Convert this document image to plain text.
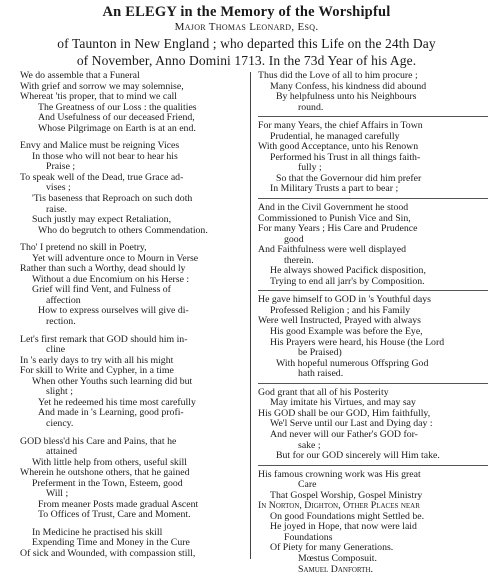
An ELEGY in the Memory of the Worshipful
Major Thomas Leonard, Esq.
of Taunton in New England ; who departed this Life on the 24th Day
of November, Anno Domini 1713. In the 73d Year of his Age.
We do assemble that a Funeral
With grief and sorrow we may solemnise,
Whereat 'tis proper, that to mind we call
The Greatness of our Loss : the qualities
And Usefulness of our deceased Friend,
Whose Pilgrimage on Earth is at an end.
Envy and Malice must be reigning Vices
In those who will not bear to hear his
Praise ;
To speak well of the Dead, true Grace ad-
vises ;
'Tis baseness that Reproach on such doth
raise.
Such justly may expect Retaliation,
Who do begrutch to others Commendation.
Tho' I pretend no skill in Poetry,
Yet will adventure once to Mourn in Verse
Rather than such a Worthy, dead should ly
Without a due Encomium on his Herse :
Grief will find Vent, and Fulness of
affection
How to express ourselves will give di-
rection.
Let's first remark that GOD should him in-
cline
In 's early days to try with all his might
For skill to Write and Cypher, in a time
When other Youths such learning did but
slight ;
Yet he redeemed his time most carefully
And made in 's Learning, good profi-
ciency.
GOD bless'd his Care and Pains, that he
attained
With little help from others, useful skill
Wherein he outshone others, that he gained
Preferment in the Town, Esteem, good
Will ;
From meaner Posts made gradual Ascent
To Offices of Trust, Care and Moment.
In Medicine he practised his skill
Expending Time and Money in the Cure
Of sick and Wounded, with compassion still,
Thus did the Love of all to him procure ;
Many Confess, his kindness did abound
By helpfulness unto his Neighbours
round.
For many Years, the chief Affairs in Town
Prudential, he managed carefully
With good Acceptance, unto his Renown
Performed his Trust in all things faith-
fully ;
So that the Governour did him prefer
In Military Trusts a part to bear ;
And in the Civil Government he stood
Commissioned to Punish Vice and Sin,
For many Years ; His Care and Prudence
good
And Faithfulness were well displayed
therein.
He always showed Pacifick disposition,
Trying to end all jarr's by Composition.
He gave himself to GOD in 's Youthful days
Professed Religion ; and his Family
Were well Instructed, Prayed with always
His good Example was before the Eye,
His Prayers were heard, his House (the Lord
be Praised)
With hopeful numerous Offspring God
hath raised.
God grant that all of his Posterity
May imitate his Virtues, and may say
His GOD shall be our GOD, Him faithfully,
We'l Serve until our Last and Dying day :
And never will our Father's GOD for-
sake ;
But for our GOD sincerely will Him take.
His famous crowning work was His great
Care
That Gospel Worship, Gospel Ministry
In Norton, Dighton, Other Places near
On good Foundations might Settled be.
He joyed in Hope, that now were laid
Foundations
Of Piety for many Generations.
Mœstus Composuit.
Samuel Danforth.
